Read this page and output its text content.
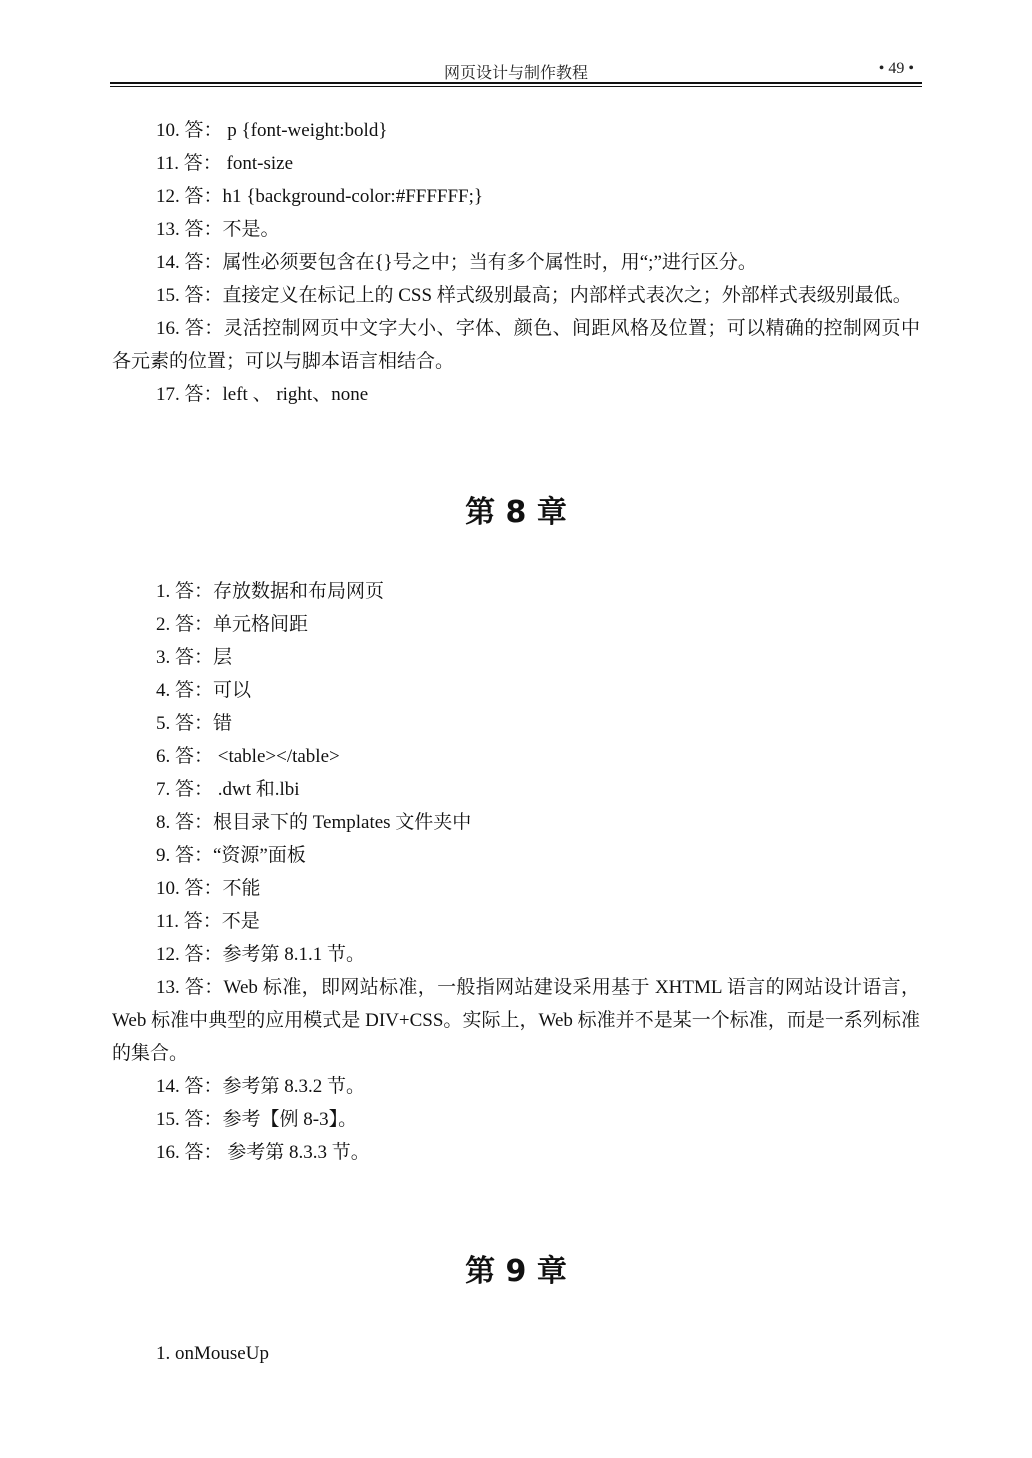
网页设计与制作教程	• 49 •
10. 答： p {font-weight:bold}
11. 答： font-size
12. 答：h1 {background-color:#FFFFFF;}
13. 答：不是。
14. 答：属性必须要包含在{}号之中；当有多个属性时，用“;”进行区分。
15. 答：直接定义在标记上的 CSS 样式级别最高；内部样式表次之；外部样式表级别最低。
16. 答：灵活控制网页中文字大小、字体、颜色、间距风格及位置；可以精确的控制网页中各元素的位置；可以与脚本语言相结合。
17. 答：left 、 right、none
第 8 章
1. 答：存放数据和布局网页
2. 答：单元格间距
3. 答：层
4. 答：可以
5. 答：错
6. 答： <table></table>
7. 答： .dwt 和.lbi
8. 答：根目录下的 Templates 文件夹中
9. 答：“资源”面板
10. 答：不能
11. 答：不是
12. 答：参考第 8.1.1 节。
13. 答：Web 标准，即网站标准，一般指网站建设采用基于 XHTML 语言的网站设计语言，Web 标准中典型的应用模式是 DIV+CSS。实际上，Web 标准并不是某一个标准，而是一系列标准的集合。
14. 答：参考第 8.3.2 节。
15. 答：参考【例 8-3】。
16. 答： 参考第 8.3.3 节。
第 9 章
1. onMouseUp
